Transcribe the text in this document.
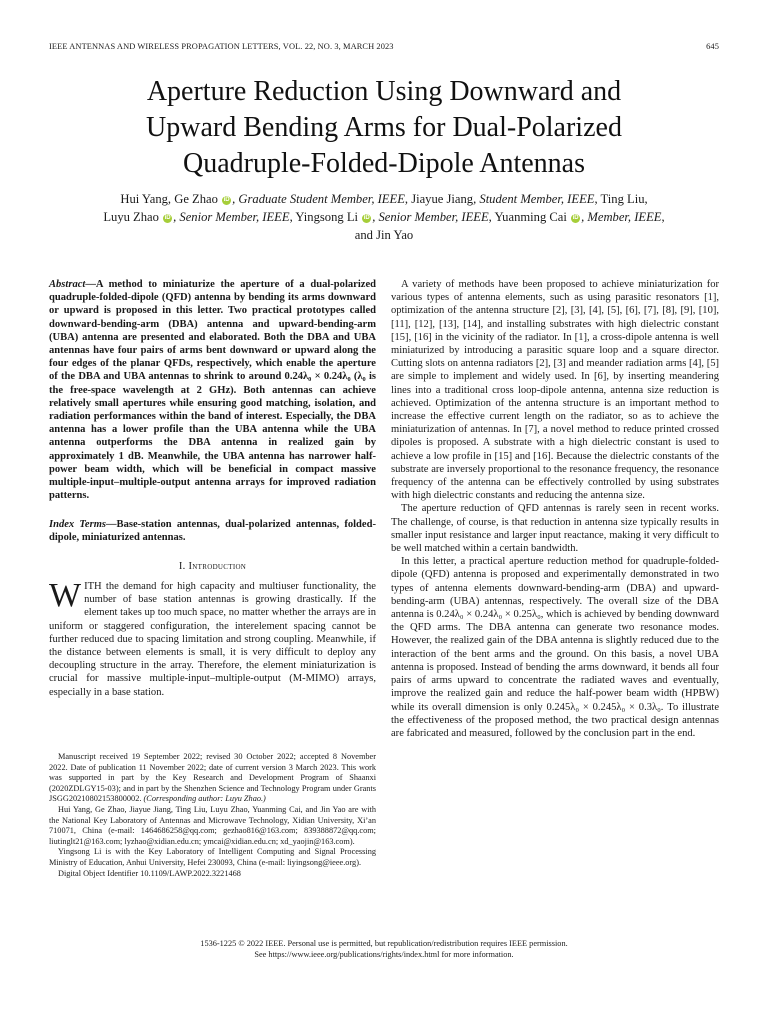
IEEE ANTENNAS AND WIRELESS PROPAGATION LETTERS, VOL. 22, NO. 3, MARCH 2023	645
Aperture Reduction Using Downward and
Upward Bending Arms for Dual-Polarized
Quadruple-Folded-Dipole Antennas
Hui Yang, Ge Zhao iD , Graduate Student Member, IEEE, Jiayue Jiang, Student Member, IEEE, Ting Liu,
Luyu Zhao iD , Senior Member, IEEE, Yingsong Li iD , Senior Member, IEEE, Yuanming Cai iD , Member, IEEE,
and Jin Yao
Abstract—A method to miniaturize the aperture of a dual-polarized quadruple-folded-dipole (QFD) antenna by bending its arms downward or upward is proposed in this letter. Two practical prototypes called downward-bending-arm (DBA) antenna and upward-bending-arm (UBA) antenna are presented and elaborated. Both the DBA and UBA antennas have four pairs of arms bent downward or upward along the four edges of the planar QFDs, respectively, which enable the aperture of the DBA and UBA antennas to shrink to around 0.24λ₀ × 0.24λ₀ (λ₀ is the free-space wavelength at 2 GHz). Both antennas can achieve relatively small apertures while ensuring good matching, isolation, and radiation performances within the band of interest. Especially, the DBA antenna has a lower profile than the UBA antenna while the UBA antenna outperforms the DBA antenna in realized gain by approximately 1 dB. Meanwhile, the UBA antenna has narrower half-power beam width, which will be beneficial in compact massive multiple-input–multiple-output antenna arrays for improved radiation patterns.
Index Terms—Base-station antennas, dual-polarized antennas, folded-dipole, miniaturized antennas.
I. Introduction

WITH the demand for high capacity and multiuser functionality, the number of base station antennas is growing drastically. If the element takes up too much space, no matter whether the arrays are in uniform or staggered configuration, the interelement spacing cannot be further reduced due to spacing limitation and strong coupling. Meanwhile, if the distance between elements is small, it is very difficult to deploy any decoupling structure in the array. Therefore, the element miniaturization is crucial for massive multiple-input–multiple-output (M-MIMO) arrays, especially in a base station.

Manuscript received 19 September 2022; revised 30 October 2022; accepted 8 November 2022. Date of publication 11 November 2022; date of current version 3 March 2023. This work was supported in part by the Key Research and Development Program of Shaanxi (2020ZDLGY15-03); and in part by the Shenzhen Science and Technology Program under Grants JSGG20210802153800002. (Corresponding author: Luyu Zhao.)

Hui Yang, Ge Zhao, Jiayue Jiang, Ting Liu, Luyu Zhao, Yuanming Cai, and Jin Yao are with the National Key Laboratory of Antennas and Microwave Technology, Xidian University, Xi’an 710071, China (e-mail: 1464686258@qq.com; gezhao816@163.com; 839388872@qq.com; liutinglt21@163.com; lyzhao@xidian.edu.cn; ymcai@xidian.edu.cn; xd_yaojin@163.com).

Yingsong Li is with the Key Laboratory of Intelligent Computing and Signal Processing Ministry of Education, Anhui University, Hefei 230093, China (e-mail: liyingsong@ieee.org).

Digital Object Identifier 10.1109/LAWP.2022.3221468

A variety of methods have been proposed to achieve miniaturization for various types of antenna elements, such as using parasitic resonators [1], optimization of the antenna structure [2], [3], [4], [5], [6], [7], [8], [9], [10], [11], [12], [13], [14], and installing substrates with high dielectric constant [15], [16] in the vicinity of the radiator. In [1], a cross-dipole antenna is well miniaturized by introducing a parasitic square loop and a square director. Cutting slots on antenna radiators [2], [3] and meander radiation arms [4], [5] are simple to implement and widely used. In [6], by inserting meandering lines into a traditional cross loop-dipole antenna, antenna size reduction is achieved. Optimization of the antenna structure is an important method to increase the effective current length on the radiator, so as to achieve the miniaturization of antennas. In [7], a novel method to reduce printed crossed dipoles is proposed. A substrate with a high dielectric constant is used to achieve a low profile in [15] and [16]. Because the dielectric constants of the substrate are inversely proportional to the resonance frequency, the resonance frequency of the antenna can be effectively controlled by using substrates with high dielectric constants and reducing the antenna size.

The aperture reduction of QFD antennas is rarely seen in recent works. The challenge, of course, is that reduction in antenna size typically results in smaller input resistance and larger input reactance, making it very difficult to be well matched within a certain bandwidth.

In this letter, a practical aperture reduction method for quadruple-folded-dipole (QFD) antenna is proposed and experimentally demonstrated in two types of antenna elements downward-bending-arm (DBA) and upward-bending-arm (UBA) antennas, respectively. The overall size of the DBA antenna is 0.24λ₀ × 0.24λ₀ × 0.25λ₀, which is achieved by bending downward the QFD arms. The DBA antenna can generate two resonance modes. However, the realized gain of the DBA antenna is slightly reduced due to the interaction of the bent arms and the ground. On this basis, a novel UBA antenna is proposed. Instead of bending the arms downward, it bends all four pairs of arms upward to concentrate the radiated waves and eventually, improve the realized gain and reduce the half-power beam width (HPBW) while its overall dimension is only 0.245λ₀ × 0.245λ₀ × 0.3λ₀. To illustrate the effectiveness of the proposed method, the two practical design antennas are fabricated and measured, followed by the conclusion part in the end.

1536-1225 © 2022 IEEE. Personal use is permitted, but republication/redistribution requires IEEE permission.
See https://www.ieee.org/publications/rights/index.html for more information.
